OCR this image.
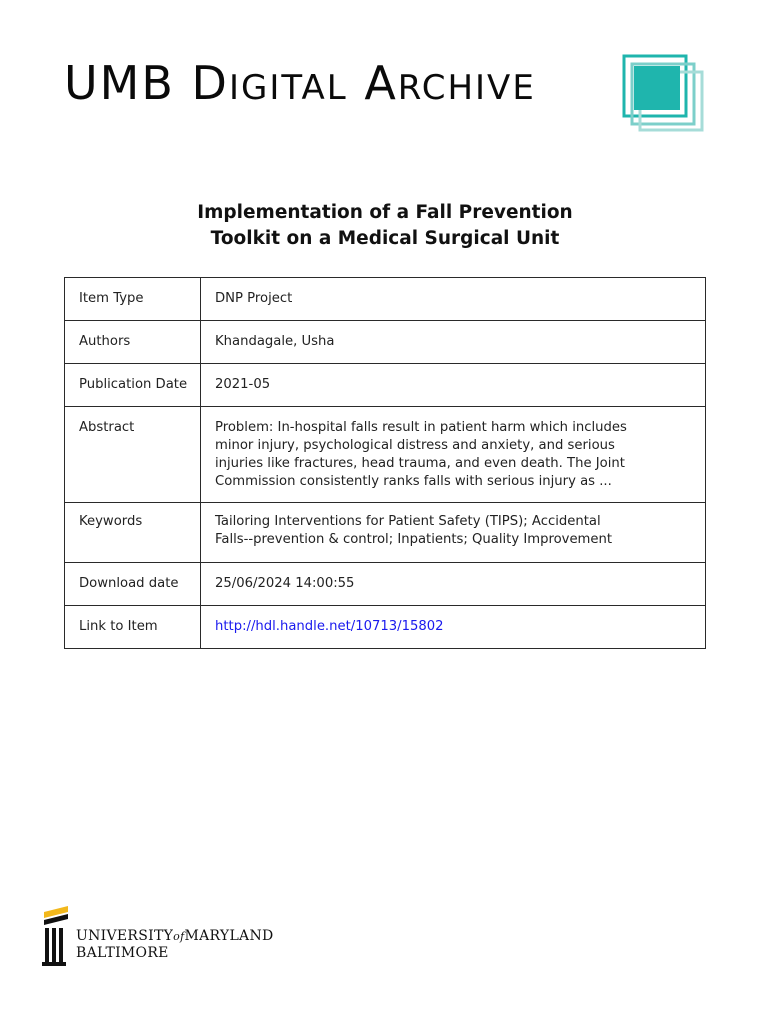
UMB DIGITAL ARCHIVE
Implementation of a Fall Prevention
Toolkit on a Medical Surgical Unit
Item Type	DNP Project
Authors	Khandagale, Usha
Publication Date	2021-05
Abstract	Problem: In-hospital falls result in patient harm which includes
minor injury, psychological distress and anxiety, and serious
injuries like fractures, head trauma, and even death. The Joint
Commission consistently ranks falls with serious injury as ...

Keywords	Tailoring Interventions for Patient Safety (TIPS); Accidental
Falls--prevention & control; Inpatients; Quality Improvement

Download date	25/06/2024 14:00:55
Link to Item	http://hdl.handle.net/10713/15802
UNIVERSITYofMARYLAND
BALTIMORE
